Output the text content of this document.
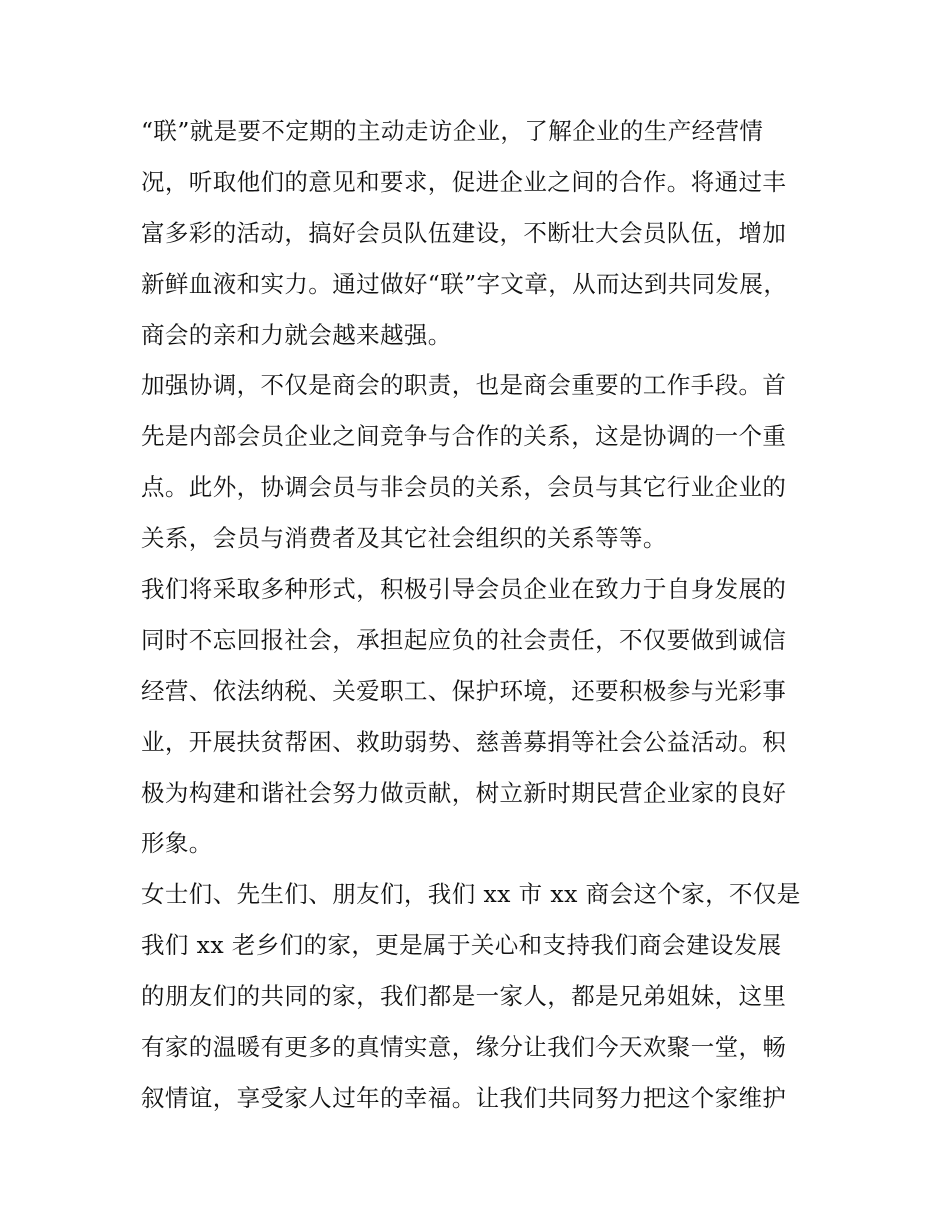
“联”就是要不定期的主动走访企业，了解企业的生产经营情
况，听取他们的意见和要求，促进企业之间的合作。将通过丰
富多彩的活动，搞好会员队伍建设，不断壮大会员队伍，增加
新鲜血液和实力。通过做好“联”字文章，从而达到共同发展，
商会的亲和力就会越来越强。

加强协调，不仅是商会的职责，也是商会重要的工作手段。首
先是内部会员企业之间竞争与合作的关系，这是协调的一个重
点。此外，协调会员与非会员的关系，会员与其它行业企业的
关系，会员与消费者及其它社会组织的关系等等。

我们将采取多种形式，积极引导会员企业在致力于自身发展的
同时不忘回报社会，承担起应负的社会责任，不仅要做到诚信
经营、依法纳税、关爱职工、保护环境，还要积极参与光彩事
业，开展扶贫帮困、救助弱势、慈善募捐等社会公益活动。积
极为构建和谐社会努力做贡献，树立新时期民营企业家的良好
形象。

女士们、先生们、朋友们，我们 xx 市 xx 商会这个家，不仅是
我们 xx 老乡们的家，更是属于关心和支持我们商会建设发展
的朋友们的共同的家，我们都是一家人，都是兄弟姐妹，这里
有家的温暖有更多的真情实意，缘分让我们今天欢聚一堂，畅
叙情谊，享受家人过年的幸福。让我们共同努力把这个家维护
